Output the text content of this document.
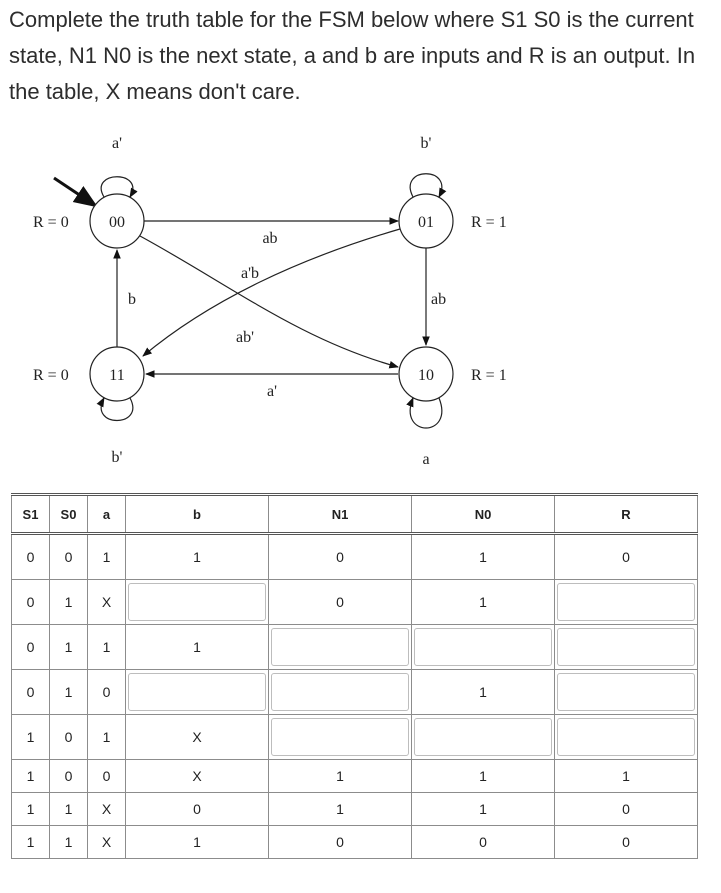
Complete the truth table for the FSM below where S1 S0 is the current state, N1 N0 is the next state, a and b are inputs and R is an output. In the table, X means don't care.

00	01
11	10
R = 0	R = 1
R = 0	R = 1
a'	b'
b'	a
ab
a'b
b	ab
ab'
a'
S1	S0	a	b	N1	N0	R

0	0	1	1	0	1	0

0	1	X		0	1	

0	1	1	1			

0	1	0			1	

1	0	1	X			

1	0	0	X	1	1	1

1	1	X	0	1	1	0

1	1	X	1	0	0	0
